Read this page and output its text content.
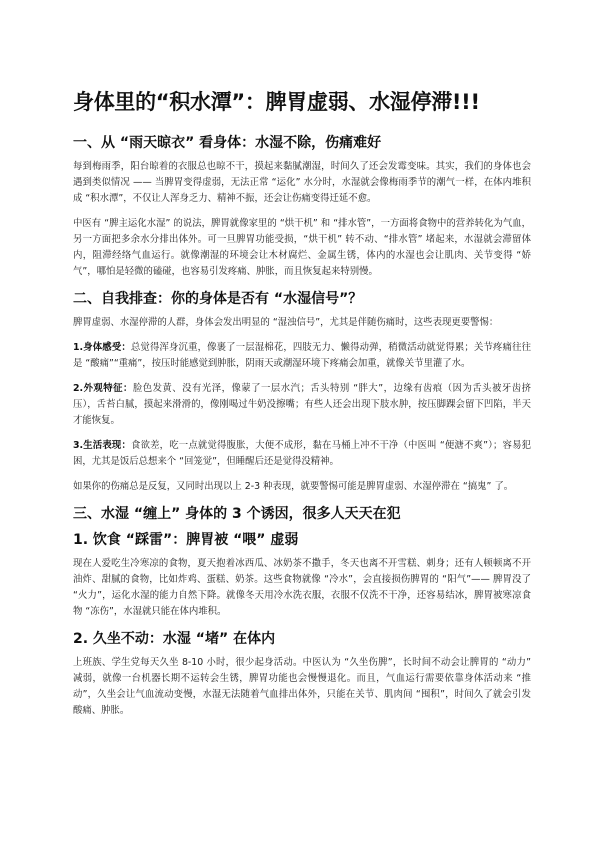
身体里的“积水潭”：脾胃虚弱、水湿停滞!!!
一、从 “雨天晾衣” 看身体：水湿不除，伤痛难好

每到梅雨季，阳台晾着的衣服总也晾不干，摸起来黏腻潮湿，时间久了还会发霉变味。其实，我们的身体也会遇到类似情况 —— 当脾胃变得虚弱，无法正常 “运化” 水分时，水湿就会像梅雨季节的潮气一样，在体内堆积成 “积水潭”，不仅让人浑身乏力、精神不振，还会让伤痛变得迁延不愈。

中医有 “脾主运化水湿” 的说法，脾胃就像家里的 “烘干机” 和 “排水管”，一方面将食物中的营养转化为气血，另一方面把多余水分排出体外。可一旦脾胃功能受损，“烘干机” 转不动、“排水管” 堵起来，水湿就会滞留体内，阻滞经络气血运行。就像潮湿的环境会让木材腐烂、金属生锈，体内的水湿也会让肌肉、关节变得 “娇气”，哪怕是轻微的磕碰，也容易引发疼痛、肿胀，而且恢复起来特别慢。

二、自我排查：你的身体是否有 “水湿信号”？

脾胃虚弱、水湿停滞的人群，身体会发出明显的 “湿浊信号”，尤其是伴随伤痛时，这些表现更要警惕：

1.身体感受：总觉得浑身沉重，像裹了一层湿棉花，四肢无力、懒得动弹，稍微活动就觉得累；关节疼痛往往是 “酸痛”“重痛”，按压时能感觉到肿胀，阴雨天或潮湿环境下疼痛会加重，就像关节里灌了水。

2.外观特征：脸色发黄、没有光泽，像蒙了一层水汽；舌头特别 “胖大”，边缘有齿痕（因为舌头被牙齿挤压），舌苔白腻，摸起来滑滑的，像刚喝过牛奶没擦嘴；有些人还会出现下肢水肿，按压脚踝会留下凹陷，半天才能恢复。

3.生活表现：食欲差，吃一点就觉得腹胀，大便不成形，黏在马桶上冲不干净（中医叫 “便溏不爽”）；容易犯困，尤其是饭后总想来个 “回笼觉”，但睡醒后还是觉得没精神。

如果你的伤痛总是反复，又同时出现以上 2-3 种表现，就要警惕可能是脾胃虚弱、水湿停滞在 “搞鬼” 了。

三、水湿 “缠上” 身体的 3 个诱因，很多人天天在犯
1. 饮食 “踩雷”：脾胃被 “喂” 虚弱

现在人爱吃生冷寒凉的食物，夏天抱着冰西瓜、冰奶茶不撒手，冬天也离不开雪糕、刺身；还有人顿顿离不开油炸、甜腻的食物，比如炸鸡、蛋糕、奶茶。这些食物就像 “冷水”，会直接损伤脾胃的 “阳气”—— 脾胃没了 “火力”，运化水湿的能力自然下降。就像冬天用冷水洗衣服，衣服不仅洗不干净，还容易结冰，脾胃被寒凉食物 “冻伤”，水湿就只能在体内堆积。

2. 久坐不动：水湿 “堵” 在体内

上班族、学生党每天久坐 8-10 小时，很少起身活动。中医认为 “久坐伤脾”，长时间不动会让脾胃的 “动力” 减弱，就像一台机器长期不运转会生锈，脾胃功能也会慢慢退化。而且，气血运行需要依靠身体活动来 “推动”，久坐会让气血流动变慢，水湿无法随着气血排出体外，只能在关节、肌肉间 “囤积”，时间久了就会引发酸痛、肿胀。
